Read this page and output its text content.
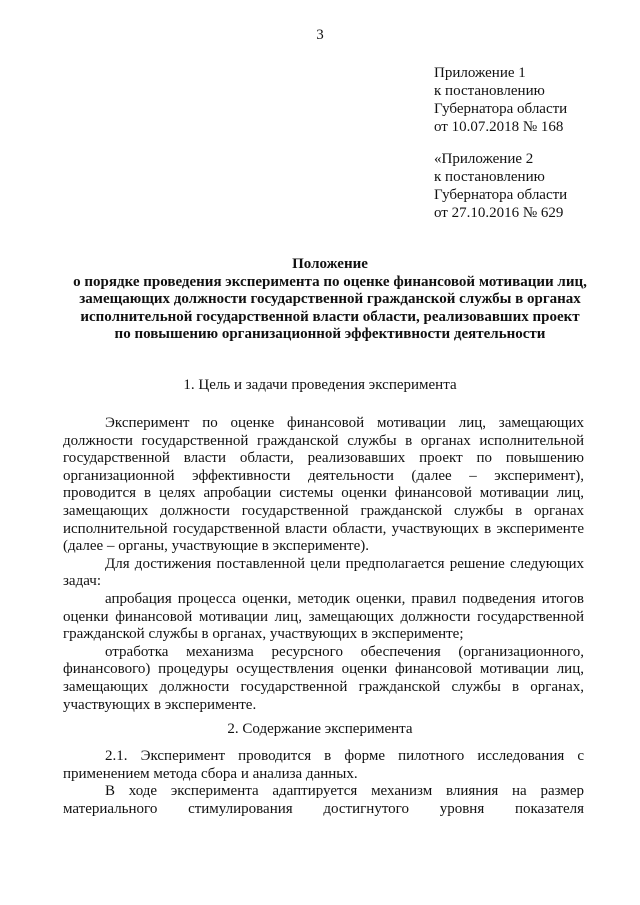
3
Приложение 1
к постановлению
Губернатора области
от 10.07.2018 № 168
«Приложение 2
к постановлению
Губернатора области
от 27.10.2016 № 629
Положение
о порядке проведения эксперимента по оценке финансовой мотивации лиц,
замещающих должности государственной гражданской службы в органах
исполнительной государственной власти области, реализовавших проект
по повышению организационной эффективности деятельности
1. Цель и задачи проведения эксперимента
Эксперимент по оценке финансовой мотивации лиц, замещающих
должности государственной гражданской службы в органах исполнительной
государственной власти области, реализовавших проект по повышению
организационной эффективности деятельности (далее – эксперимент),
проводится в целях апробации системы оценки финансовой мотивации лиц,
замещающих должности государственной гражданской службы в органах
исполнительной государственной власти области, участвующих в эксперименте
(далее – органы, участвующие в эксперименте).
Для достижения поставленной цели предполагается решение следующих
задач:
апробация процесса оценки, методик оценки, правил подведения итогов
оценки финансовой мотивации лиц, замещающих должности государственной
гражданской службы в органах, участвующих в эксперименте;
отработка механизма ресурсного обеспечения (организационного,
финансового) процедуры осуществления оценки финансовой мотивации лиц,
замещающих должности государственной гражданской службы в органах,
участвующих в эксперименте.
2. Содержание эксперимента
2.1. Эксперимент проводится в форме пилотного исследования с
применением метода сбора и анализа данных.
В ходе эксперимента адаптируется механизм влияния на размер
материального стимулирования достигнутого уровня показателя
